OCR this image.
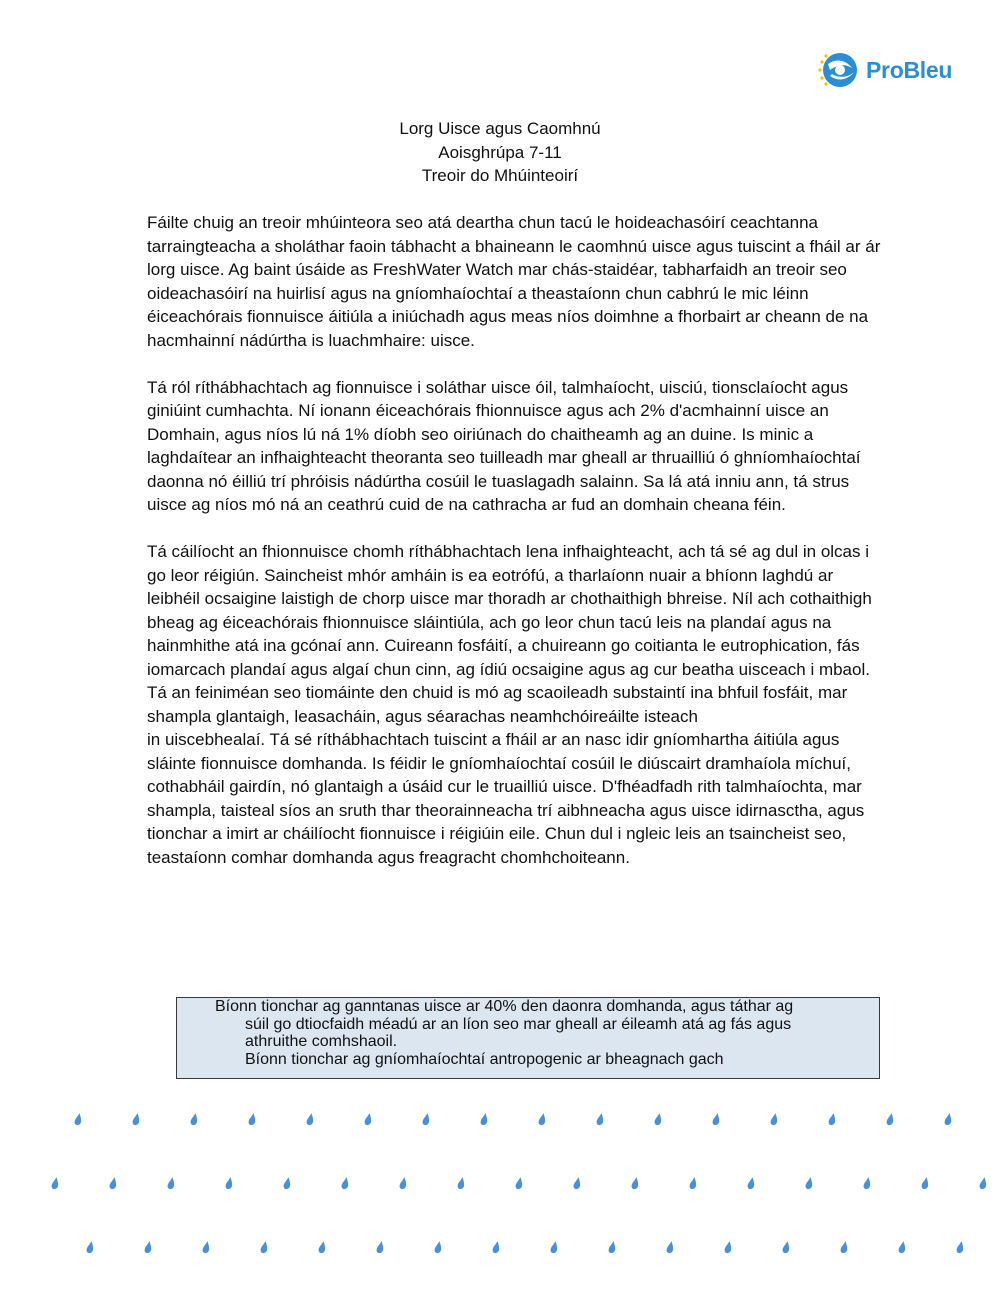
ProBleu
Lorg Uisce agus Caomhnú
Aoisghrúpa 7-11
Treoir do Mhúinteoirí

Fáilte chuig an treoir mhúinteora seo atá deartha chun tacú le hoideachasóirí ceachtanna tarraingteacha a sholáthar faoin tábhacht a bhaineann le caomhnú uisce agus tuiscint a fháil ar ár lorg uisce. Ag baint úsáide as FreshWater Watch mar chás-staidéar, tabharfaidh an treoir seo oideachasóirí na huirlisí agus na gníomhaíochtaí a theastaíonn chun cabhrú le mic léinn éiceachórais fionnuisce áitiúla a iniúchadh agus meas níos doimhne a fhorbairt ar cheann de na hacmhainní nádúrtha is luachmhaire: uisce.

Tá ról ríthábhachtach ag fionnuisce i soláthar uisce óil, talmhaíocht, uisciú, tionsclaíocht agus giniúint cumhachta. Ní ionann éiceachórais fhionnuisce agus ach 2% d'acmhainní uisce an Domhain, agus níos lú ná 1% díobh seo oiriúnach do chaitheamh ag an duine. Is minic a laghdaítear an infhaighteacht theoranta seo tuilleadh mar gheall ar thruailliú ó ghníomhaíochtaí daonna nó éilliú trí phróisis nádúrtha cosúil le tuaslagadh salainn. Sa lá atá inniu ann, tá strus uisce ag níos mó ná an ceathrú cuid de na cathracha ar fud an domhain cheana féin.

Tá cáilíocht an fhionnuisce chomh ríthábhachtach lena infhaighteacht, ach tá sé ag dul in olcas i go leor réigiún. Saincheist mhór amháin is ea eotrófú, a tharlaíonn nuair a bhíonn laghdú ar leibhéil ocsaigine laistigh de chorp uisce mar thoradh ar chothaithigh bhreise. Níl ach cothaithigh bheag ag éiceachórais fhionnuisce sláintiúla, ach go leor chun tacú leis na plandaí agus na hainmhithe atá ina gcónaí ann. Cuireann fosfáití, a chuireann go coitianta le eutrophication, fás iomarcach plandaí agus algaí chun cinn, ag ídiú ocsaigine agus ag cur beatha uisceach i mbaol. Tá an feiniméan seo tiomáinte den chuid is mó ag scaoileadh substaintí ina bhfuil fosfáit, mar shampla glantaigh, leasacháin, agus séarachas neamhchóireáilte isteach

in uiscebhealaí. Tá sé ríthábhachtach tuiscint a fháil ar an nasc idir gníomhartha áitiúla agus sláinte fionnuisce domhanda. Is féidir le gníomhaíochtaí cosúil le diúscairt dramhaíola míchuí, cothabháil gairdín, nó glantaigh a úsáid cur le truailliú uisce. D'fhéadfadh rith talmhaíochta, mar shampla, taisteal síos an sruth thar theorainneacha trí aibhneacha agus uisce idirnasctha, agus tionchar a imirt ar cháilíocht fionnuisce i réigiúin eile. Chun dul i ngleic leis an tsaincheist seo, teastaíonn comhar domhanda agus freagracht chomhchoiteann.

Bíonn tionchar ag ganntanas uisce ar 40% den daonra domhanda, agus táthar ag
súil go dtiocfaidh méadú ar an líon seo mar gheall ar éileamh atá ag fás agus
athruithe comhshaoil.
Bíonn tionchar ag gníomhaíochtaí antropogenic ar bheagnach gach
